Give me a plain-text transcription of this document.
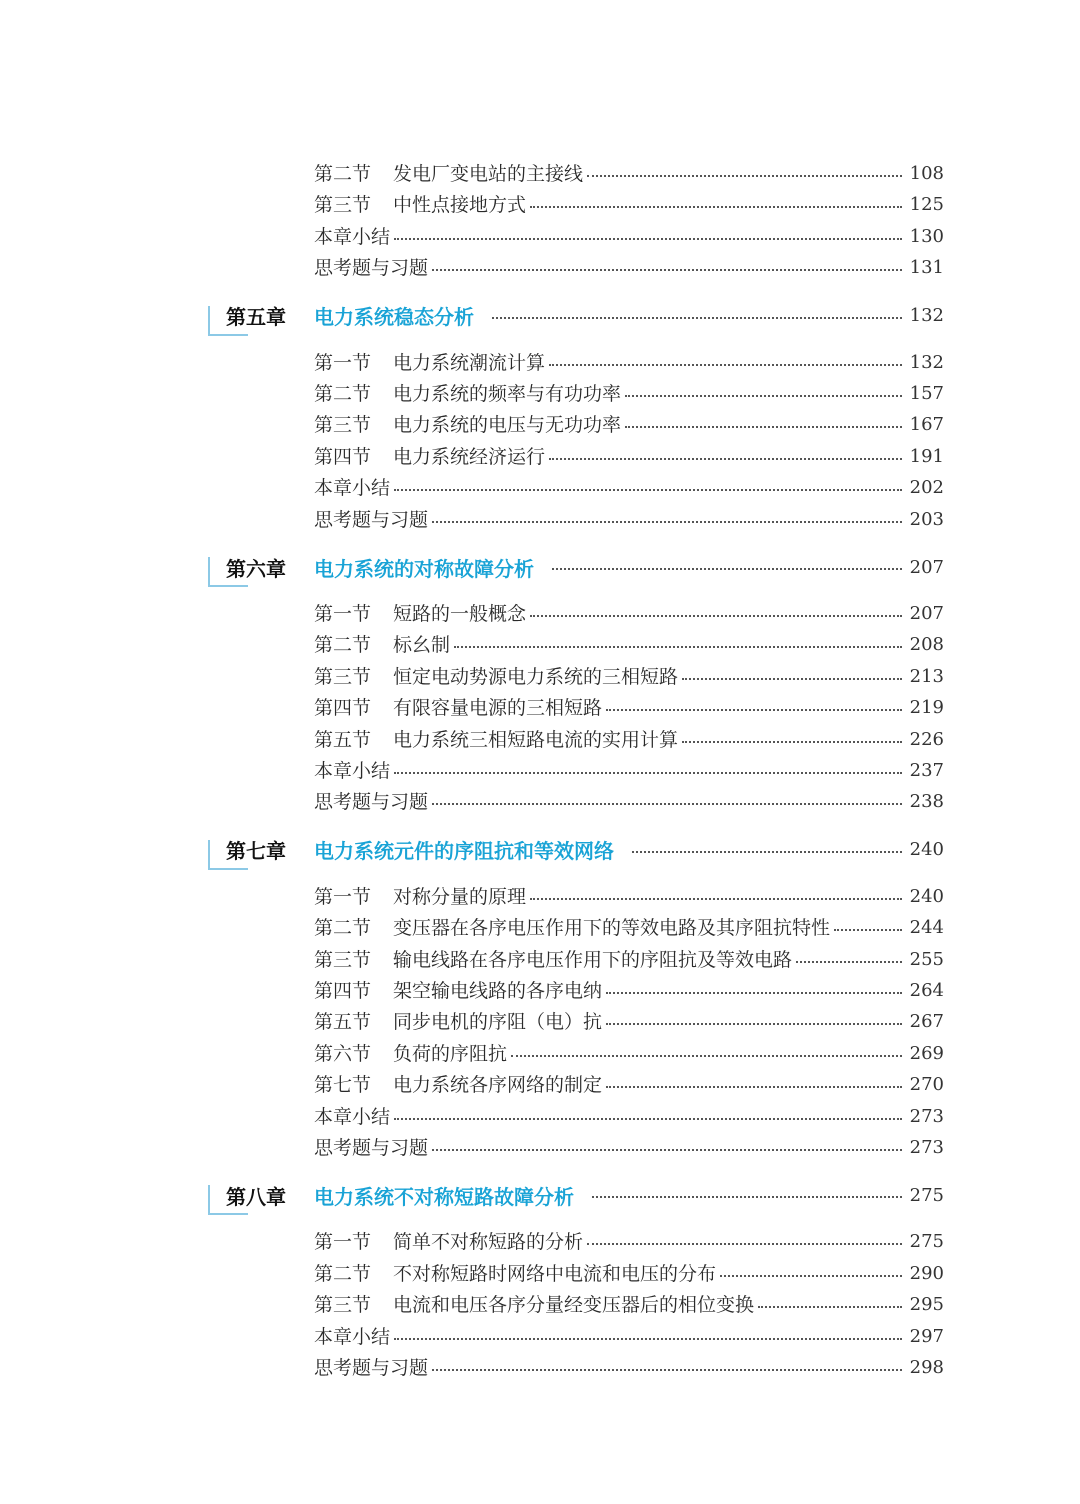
第二节 发电厂变电站的主接线	108
第三节 中性点接地方式	125
本章小结	130
思考题与习题	131
第五章	电力系统稳态分析	132
第一节 电力系统潮流计算	132
第二节 电力系统的频率与有功功率	157
第三节 电力系统的电压与无功功率	167
第四节 电力系统经济运行	191
本章小结	202
思考题与习题	203
第六章	电力系统的对称故障分析	207
第一节 短路的一般概念	207
第二节 标幺制	208
第三节 恒定电动势源电力系统的三相短路	213
第四节 有限容量电源的三相短路	219
第五节 电力系统三相短路电流的实用计算	226
本章小结	237
思考题与习题	238
第七章	电力系统元件的序阻抗和等效网络	240
第一节 对称分量的原理	240
第二节 变压器在各序电压作用下的等效电路及其序阻抗特性	244
第三节 输电线路在各序电压作用下的序阻抗及等效电路	255
第四节 架空输电线路的各序电纳	264
第五节 同步电机的序阻（电）抗	267
第六节 负荷的序阻抗	269
第七节 电力系统各序网络的制定	270
本章小结	273
思考题与习题	273
第八章	电力系统不对称短路故障分析	275
第一节 简单不对称短路的分析	275
第二节 不对称短路时网络中电流和电压的分布	290
第三节 电流和电压各序分量经变压器后的相位变换	295
本章小结	297
思考题与习题	298
